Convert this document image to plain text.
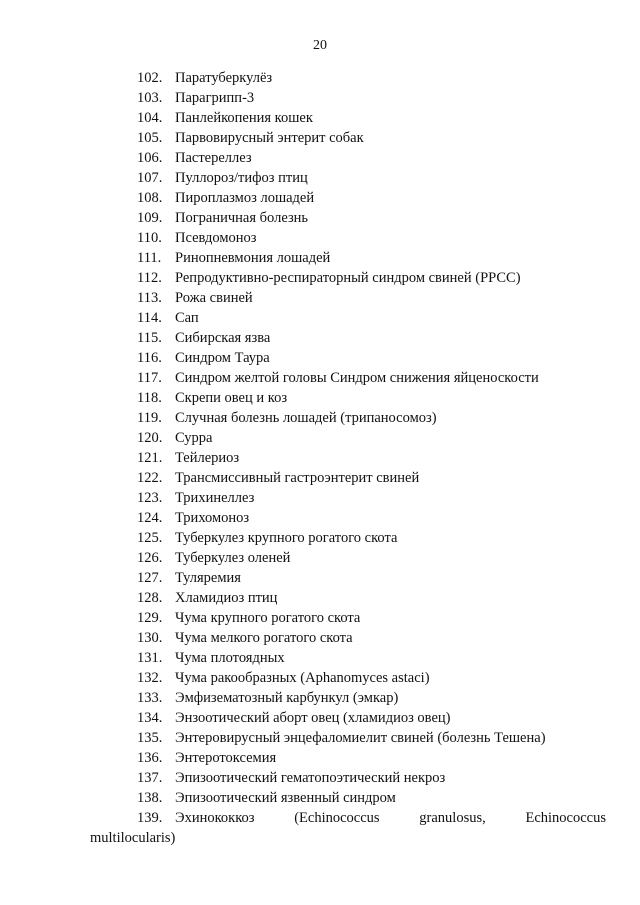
20
102. Паратуберкулёз
103. Парагрипп-3
104. Панлейкопения кошек
105. Парвовирусный энтерит собак
106. Пастереллез
107. Пуллороз/тифоз птиц
108. Пироплазмоз лошадей
109. Пограничная болезнь
110. Псевдомоноз
111. Ринопневмония лошадей
112. Репродуктивно-респираторный синдром свиней (РРСС)
113. Рожа свиней
114. Сап
115. Сибирская язва
116. Синдром Таура
117. Синдром желтой головы Синдром снижения яйценоскости
118. Скрепи овец и коз
119. Случная болезнь лошадей (трипаносомоз)
120. Сурра
121. Тейлериоз
122. Трансмиссивный гастроэнтерит свиней
123. Трихинеллез
124. Трихомоноз
125. Туберкулез крупного рогатого скота
126. Туберкулез оленей
127. Туляремия
128. Хламидиоз птиц
129. Чума крупного рогатого скота
130. Чума мелкого рогатого скота
131. Чума плотоядных
132. Чума ракообразных (Aphanomyces astaci)
133. Эмфизематозный карбункул (эмкар)
134. Энзоотический аборт овец (хламидиоз овец)
135. Энтеровирусный энцефаломиелит свиней (болезнь Тешена)
136. Энтеротоксемия
137. Эпизоотический гематопоэтический некроз
138. Эпизоотический язвенный синдром
139. Эхинококкоз	(Echinococcus	granulosus,	Echinococcus
multilocularis)
